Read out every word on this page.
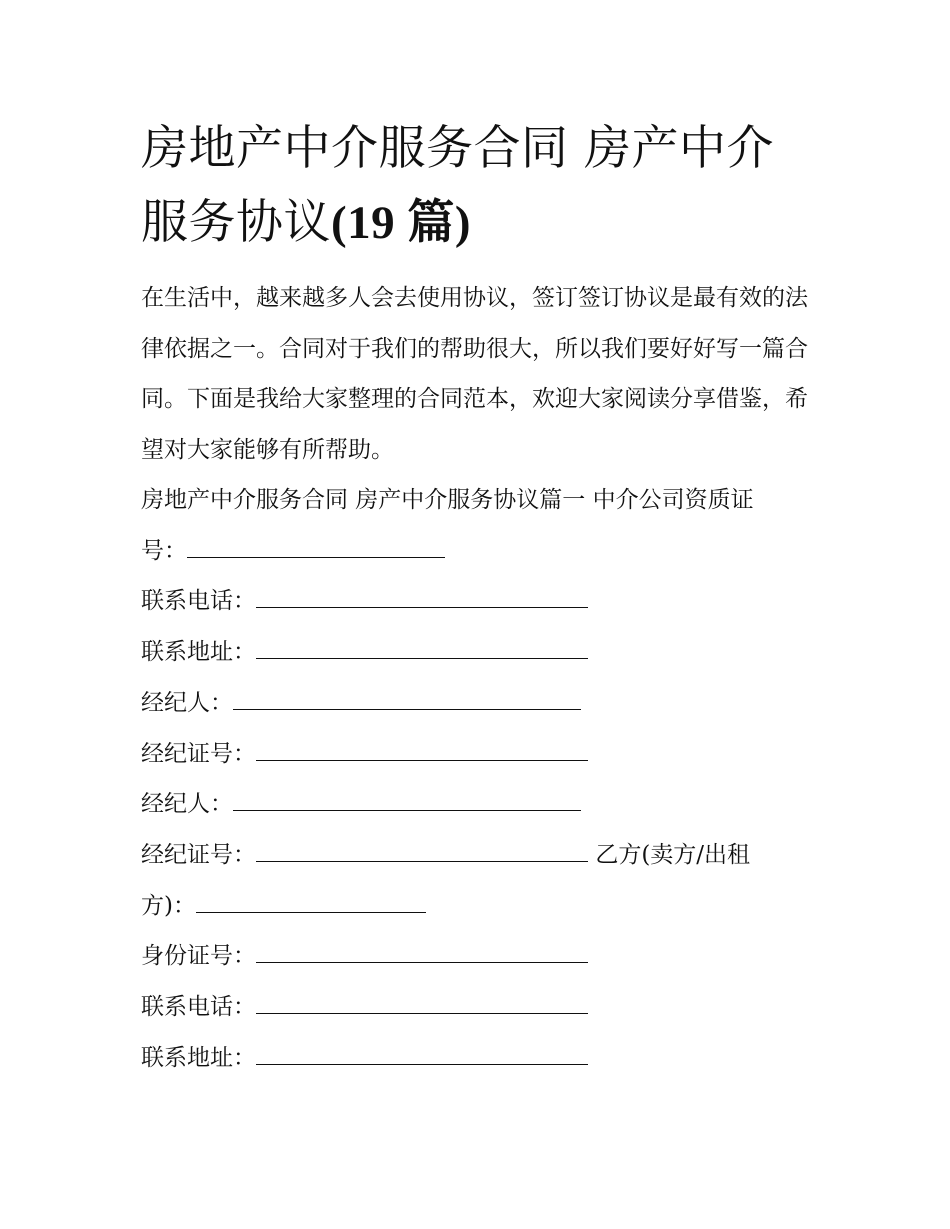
房地产中介服务合同 房产中介
服务协议(19 篇)

在生活中，越来越多人会去使用协议，签订签订协议是最有效的法律依据之一。合同对于我们的帮助很大，所以我们要好好写一篇合同。下面是我给大家整理的合同范本，欢迎大家阅读分享借鉴，希望对大家能够有所帮助。

房地产中介服务合同 房产中介服务协议篇一 中介公司资质证
号：
联系电话：
联系地址：
经纪人：
经纪证号：
经纪人：
经纪证号：	乙方(卖方/出租
方)：
身份证号：
联系电话：
联系地址：
